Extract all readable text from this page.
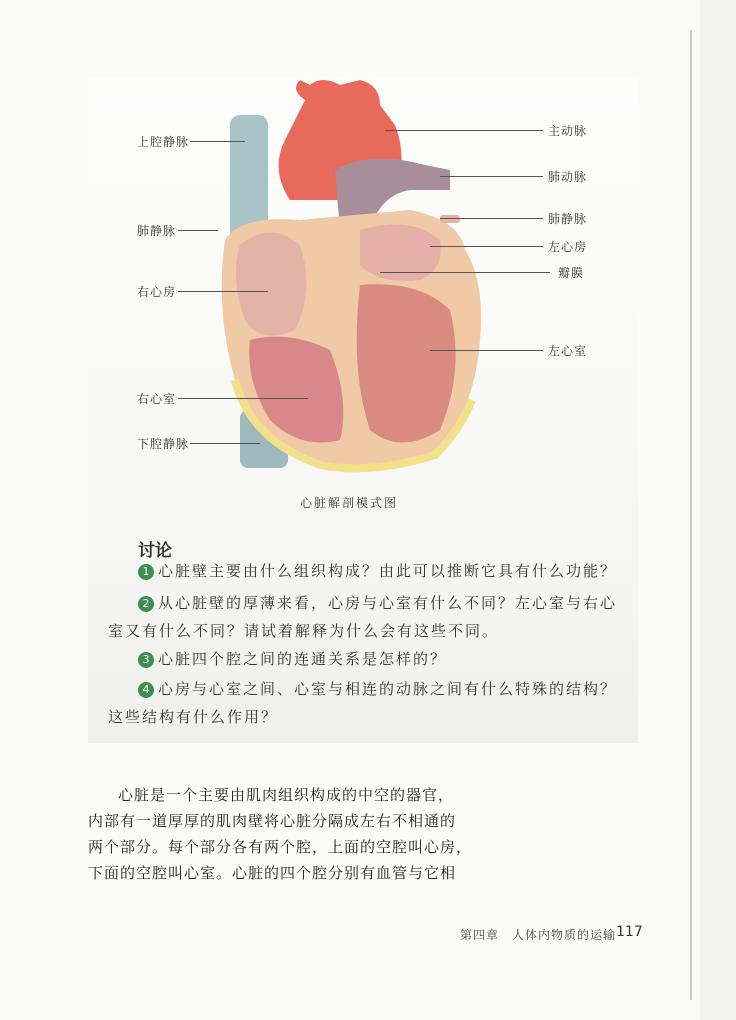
上腔静脉
肺静脉
右心房
右心室
下腔静脉
主动脉
肺动脉
肺静脉
左心房
瓣膜
左心室
心脏解剖模式图
讨论
1 心脏壁主要由什么组织构成？由此可以推断它具有什么功能？
2 从心脏壁的厚薄来看，心房与心室有什么不同？左心室与右心
室又有什么不同？请试着解释为什么会有这些不同。
3 心脏四个腔之间的连通关系是怎样的？
4 心房与心室之间、心室与相连的动脉之间有什么特殊的结构？
这些结构有什么作用？
心脏是一个主要由肌肉组织构成的中空的器官，
内部有一道厚厚的肌肉壁将心脏分隔成左右不相通的
两个部分。每个部分各有两个腔，上面的空腔叫心房，
下面的空腔叫心室。心脏的四个腔分别有血管与它相
第四章　人体内物质的运输 117
